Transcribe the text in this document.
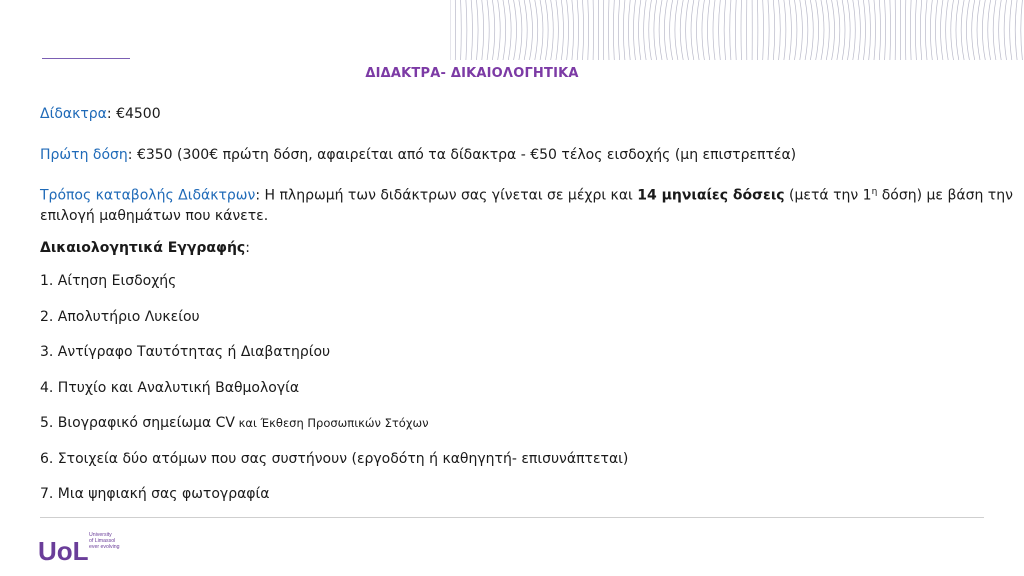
ΔΙΔΑΚΤΡΑ- ΔΙΚΑΙΟΛΟΓΗΤΙΚΑ
Δίδακτρα: €4500
Πρώτη δόση: €350 (300€ πρώτη δόση, αφαιρείται από τα δίδακτρα - €50 τέλος εισδοχής (μη επιστρεπτέα)
Τρόπος καταβολής Διδάκτρων: Η πληρωμή των διδάκτρων σας γίνεται σε μέχρι και 14 μηνιαίες δόσεις (μετά την $1^\eta$ δόση) με βάση την
επιλογή μαθημάτων που κάνετε.
Δικαιολογητικά Εγγραφής:
1. Αίτηση Εισδοχής
2. Απολυτήριο Λυκείου
3. Αντίγραφο Ταυτότητας ή Διαβατηρίου
4. Πτυχίο και Αναλυτική Βαθμολογία
5. Βιογραφικό σημείωμα CV και Έκθεση Προσωπικών Στόχων
6. Στοιχεία δύο ατόμων που σας συστήνουν (εργοδότη ή καθηγητή- επισυνάπτεται)
7. Μια ψηφιακή σας φωτογραφία
UoL
University
of Limassol
ever evolving
